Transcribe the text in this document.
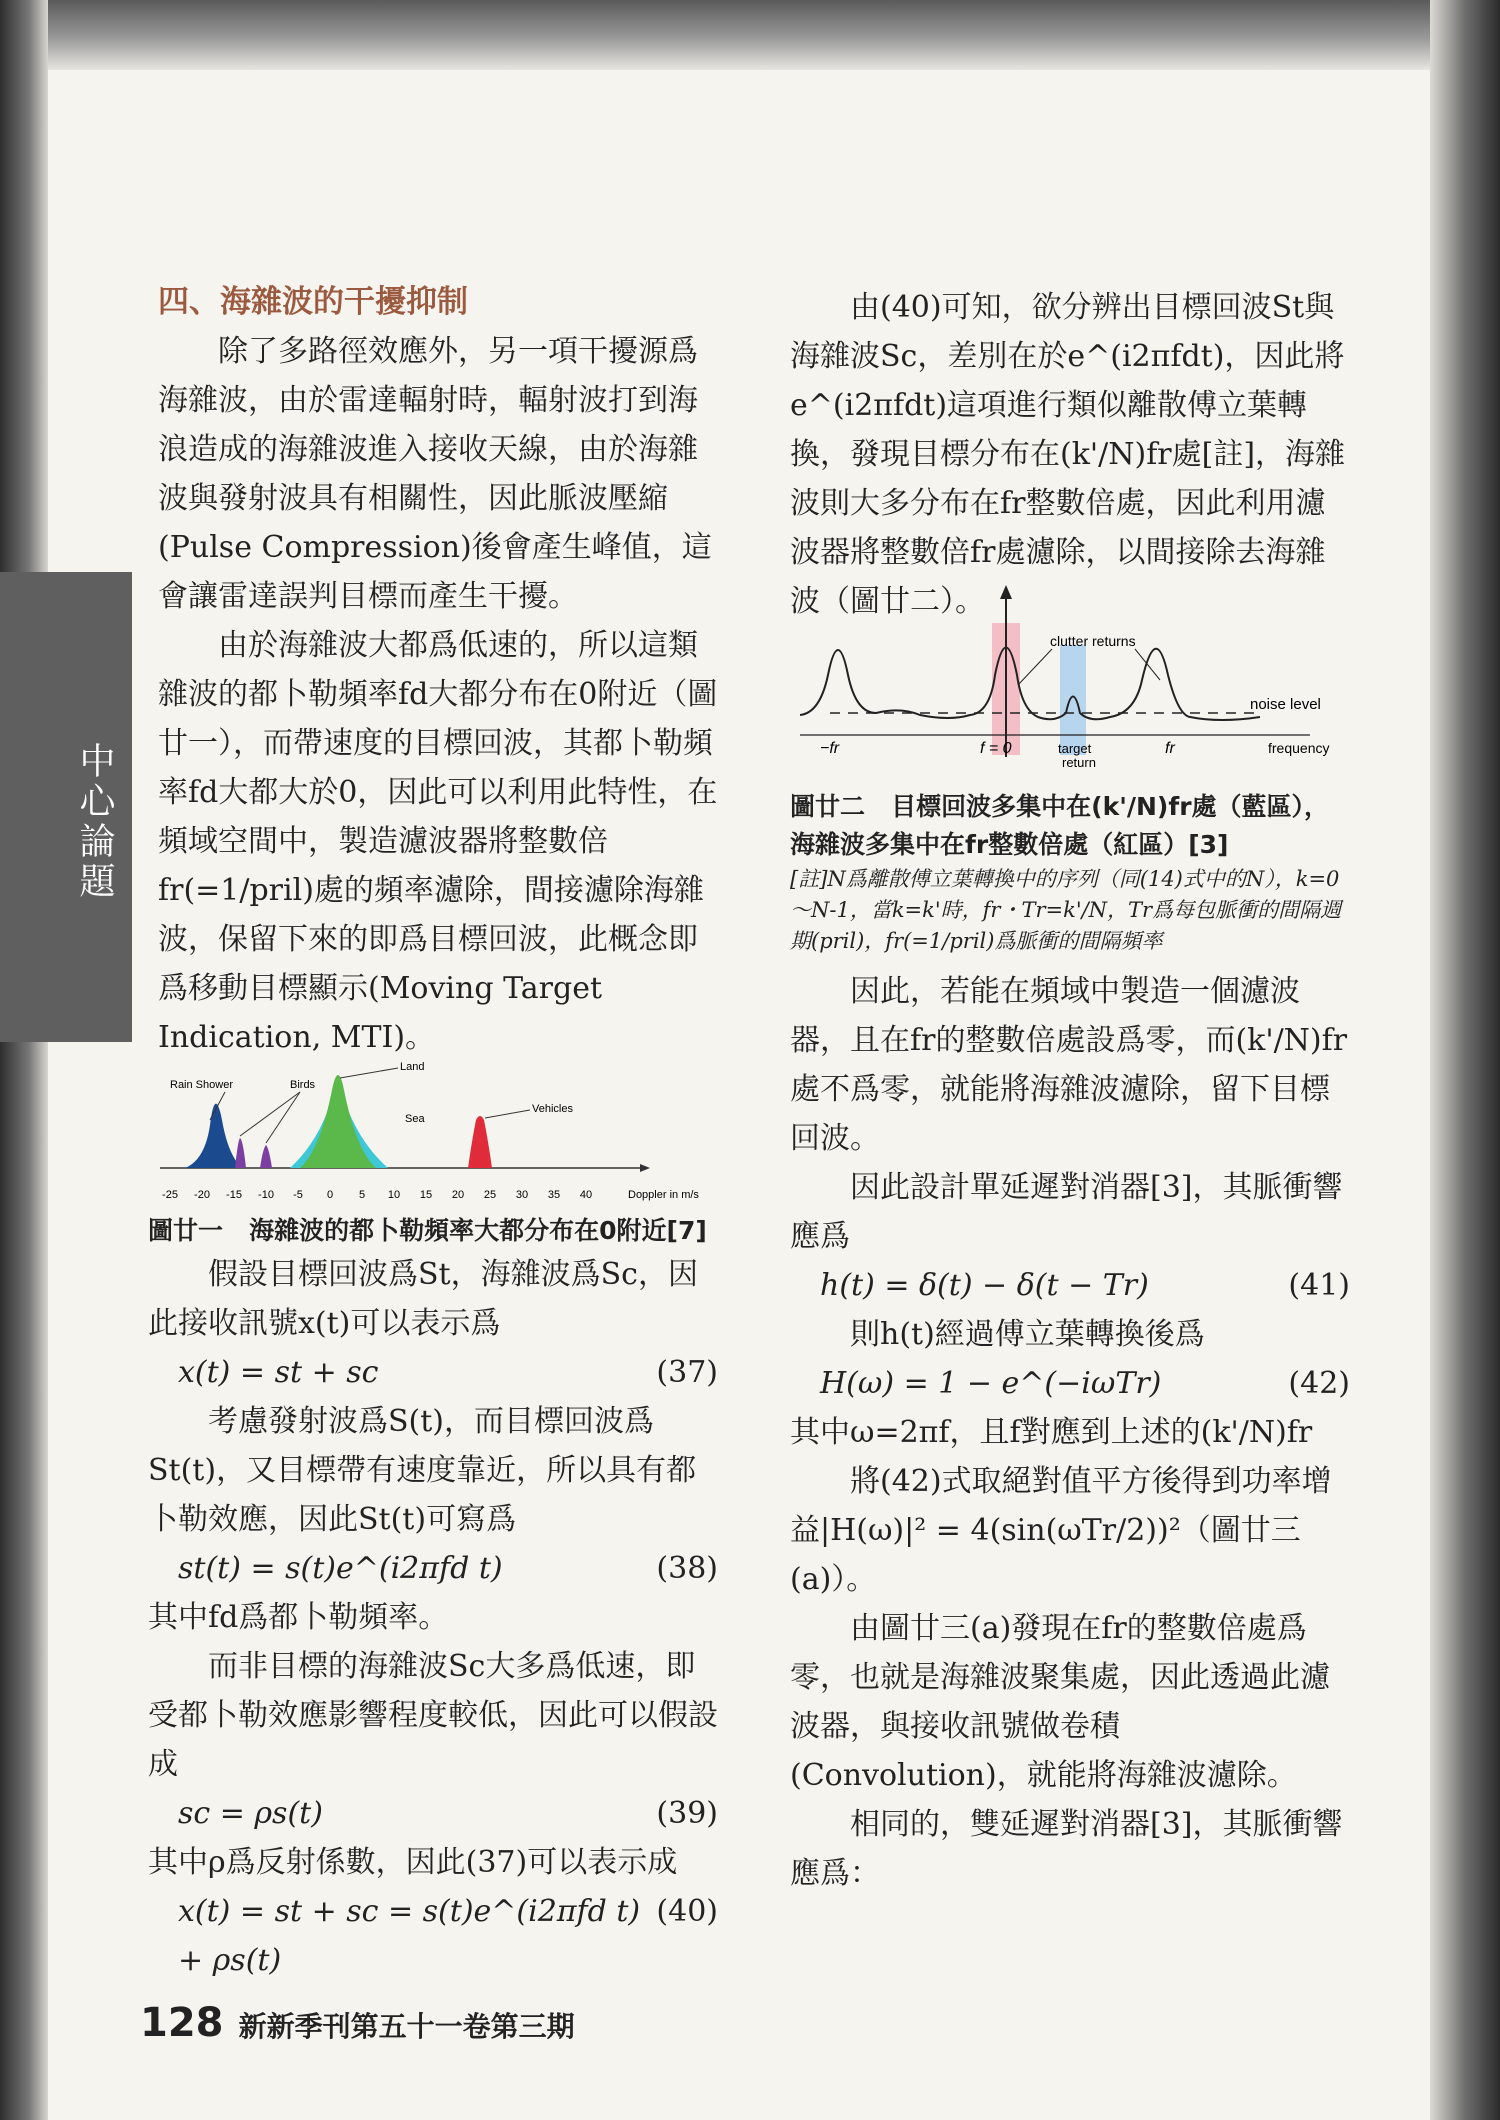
中心論題

四、海雜波的干擾抑制

除了多路徑效應外，另一項干擾源爲海雜波，由於雷達輻射時，輻射波打到海浪造成的海雜波進入接收天線，由於海雜波與發射波具有相關性，因此脈波壓縮(Pulse Compression)後會產生峰值，這會讓雷達誤判目標而產生干擾。

由於海雜波大都爲低速的，所以這類雜波的都卜勒頻率fd大都分布在0附近（圖廿一），而帶速度的目標回波，其都卜勒頻率fd大都大於0，因此可以利用此特性，在頻域空間中，製造濾波器將整數倍fr(=1/pril)處的頻率濾除，間接濾除海雜波，保留下來的即爲目標回波，此概念即爲移動目標顯示(Moving Target Indication, MTI)。

Rain Shower	Birds
Land
Sea
Vehicles
-25 -20 -15 -10 -5 0 5 10 15 20 25 30 35 40	Doppler in m/s

圖廿一 海雜波的都卜勒頻率大都分布在0附近[7]

假設目標回波爲St，海雜波爲Sc，因此接收訊號x(t)可以表示爲

x(t) = st + sc	(37)

考慮發射波爲S(t)，而目標回波爲St(t)，又目標帶有速度靠近，所以具有都卜勒效應，因此St(t)可寫爲

st(t) = s(t)e^(i2πfd t)	(38)

其中fd爲都卜勒頻率。

而非目標的海雜波Sc大多爲低速，即受都卜勒效應影響程度較低，因此可以假設成

sc = ρs(t)	(39)

其中ρ爲反射係數，因此(37)可以表示成

x(t) = st + sc = s(t)e^(i2πfd t) + ρs(t)
(40)

由(40)可知，欲分辨出目標回波St與海雜波Sc，差別在於e^(i2πfdt)，因此將e^(i2πfdt)這項進行類似離散傅立葉轉換，發現目標分布在(k'/N)fr處[註]，海雜波則大多分布在fr整數倍處，因此利用濾波器將整數倍fr處濾除，以間接除去海雜波（圖廿二）。

clutter returns
noise level
−fr	f = 0	target
return
fr	frequency

圖廿二 目標回波多集中在(k'/N)fr處（藍區），海雜波多集中在fr整數倍處（紅區）[3]

[註]N爲離散傅立葉轉換中的序列（同(14)式中的N），k=0～N-1，當k=k'時，fr・Tr=k'/N，Tr爲每包脈衝的間隔週期(pril)，fr(=1/pril)爲脈衝的間隔頻率

因此，若能在頻域中製造一個濾波器，且在fr的整數倍處設爲零，而(k'/N)fr處不爲零，就能將海雜波濾除，留下目標回波。

因此設計單延遲對消器[3]，其脈衝響應爲

h(t) = δ(t) − δ(t − Tr)	(41)

則h(t)經過傅立葉轉換後爲

H(ω) = 1 − e^(−iωTr)	(42)

其中ω=2πf，且f對應到上述的(k'/N)fr

將(42)式取絕對值平方後得到功率增益|H(ω)|² = 4(sin(ωTr/2))²（圖廿三(a)）。

由圖廿三(a)發現在fr的整數倍處爲零，也就是海雜波聚集處，因此透過此濾波器，與接收訊號做卷積(Convolution)，就能將海雜波濾除。

相同的，雙延遲對消器[3]，其脈衝響應爲：

128 新新季刊第五十一卷第三期
